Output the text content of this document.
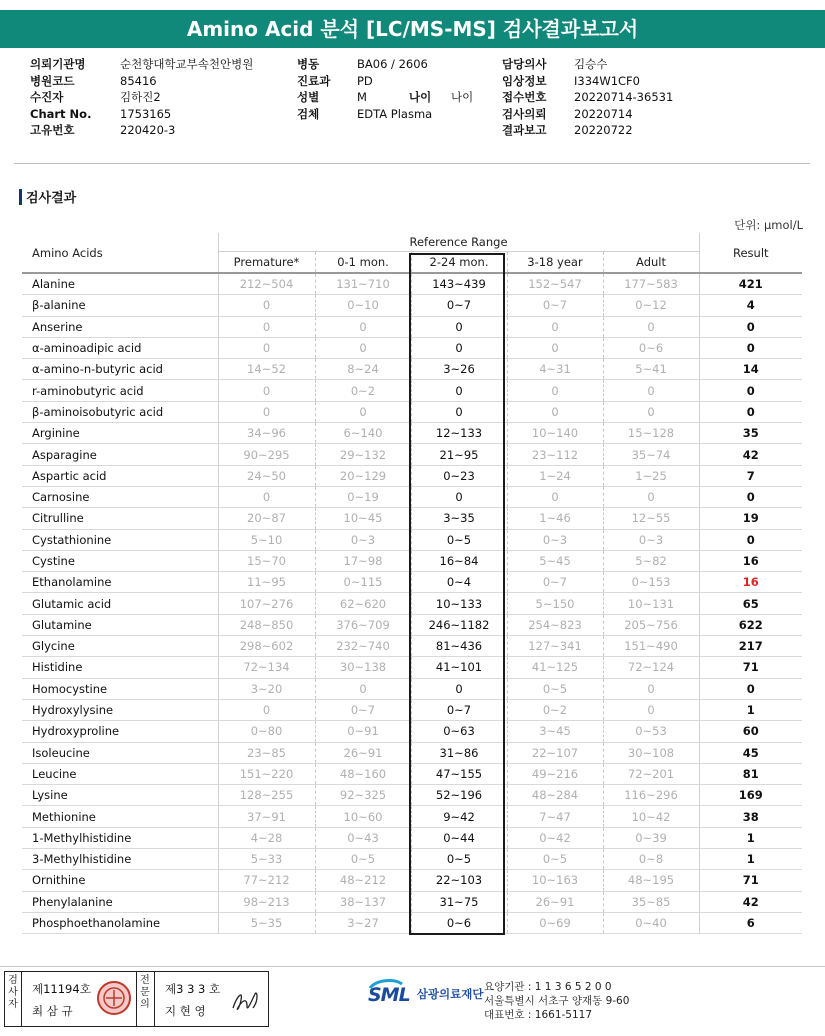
Amino Acid 분석 [LC/MS-MS] 검사결과보고서
의뢰기관명	순천향대학교부속천안병원
병원코드	85416
수진자	김하진2
Chart No. 1753165
고유번호	220420-3
병동	BA06 / 2606
진료과 PD
성별	M	나이 나이
검체	EDTA Plasma
담당의사 김승수
임상정보 I334W1CF0
접수번호 20220714-36531
검사의뢰 20220714
결과보고 20220722
검사결과
단위: μmol/L
Amino Acids	Reference Range					Result
	Premature*	0-1 mon.	2-24 mon.	3-18 year	Adult	
Alanine	212~504	131~710	143~439	152~547	177~583	421
β-alanine	0	0~10	0~7	0~7	0~12	4
Anserine	0	0	0	0	0	0
α-aminoadipic acid	0	0	0	0	0~6	0
α-amino-n-butyric acid	14~52	8~24	3~26	4~31	5~41	14
r-aminobutyric acid	0	0~2	0	0	0	0
β-aminoisobutyric acid	0	0	0	0	0	0
Arginine	34~96	6~140	12~133	10~140	15~128	35
Asparagine	90~295	29~132	21~95	23~112	35~74	42
Aspartic acid	24~50	20~129	0~23	1~24	1~25	7
Carnosine	0	0~19	0	0	0	0
Citrulline	20~87	10~45	3~35	1~46	12~55	19
Cystathionine	5~10	0~3	0~5	0~3	0~3	0
Cystine	15~70	17~98	16~84	5~45	5~82	16
Ethanolamine	11~95	0~115	0~4	0~7	0~153	16
Glutamic acid	107~276	62~620	10~133	5~150	10~131	65
Glutamine	248~850	376~709	246~1182	254~823	205~756	622
Glycine	298~602	232~740	81~436	127~341	151~490	217
Histidine	72~134	30~138	41~101	41~125	72~124	71
Homocystine	3~20	0	0	0~5	0	0
Hydroxylysine	0	0~7	0~7	0~2	0	1
Hydroxyproline	0~80	0~91	0~63	3~45	0~53	60
Isoleucine	23~85	26~91	31~86	22~107	30~108	45
Leucine	151~220	48~160	47~155	49~216	72~201	81
Lysine	128~255	92~325	52~196	48~284	116~296	169
Methionine	37~91	10~60	9~42	7~47	10~42	38
1-Methylhistidine	4~28	0~43	0~44	0~42	0~39	1
3-Methylhistidine	5~33	0~5	0~5	0~5	0~8	1
Ornithine	77~212	48~212	22~103	10~163	48~195	71
Phenylalanine	98~213	38~137	31~75	26~91	35~85	42
Phosphoethanolamine	5~35	3~27	0~6	0~69	0~40	6
검사자
제11194호
최 삼 규
전문의
제3 3 3 호
지 현 영
SML 삼광의료재단 요양기관 : 1 1 3 6 5 2 0 0
서울특별시 서초구 양재동 9-60
대표번호 : 1661-5117
